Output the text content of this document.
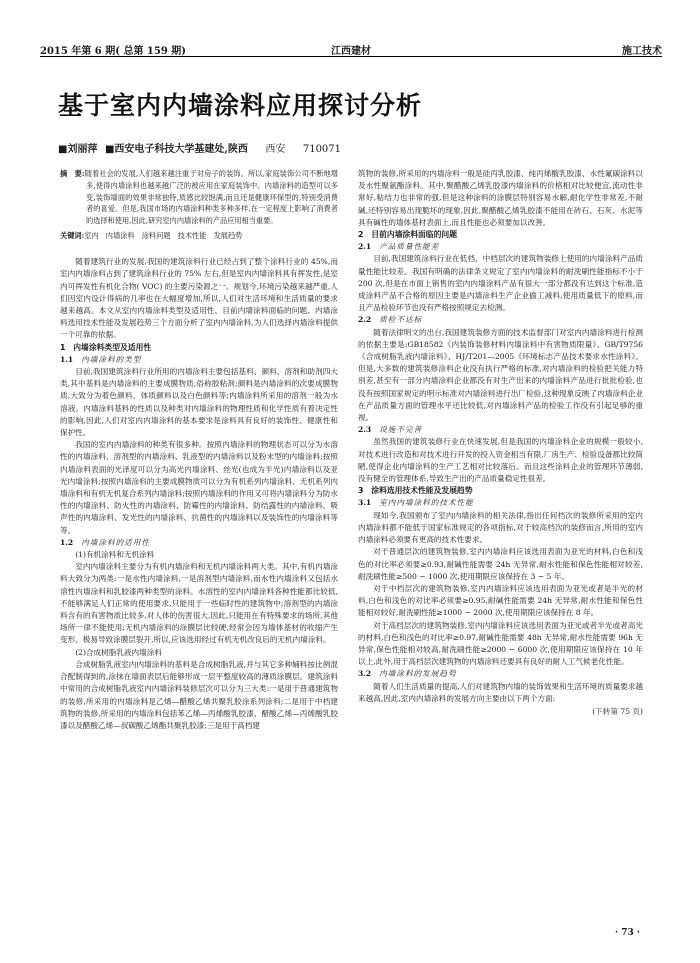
2015 年第 6 期( 总第 159 期)	江西建材	施工技术
基于室内内墙涂料应用探讨分析
■刘丽萍 ■西安电子科技大学基建处,陕西 西安 710071

摘　要:随着社会的发展,人们越来越注重于对房子的装饰。所以,家庭装饰公司不断地增多,使得内墙涂料也越来越广泛的被应用在家庭装饰中。内墙涂料的造型可以多变,装饰墙面的效果非常独特,质感比较饱满,而且还是健康环保型的,特别受消费者的喜爱。但是,我国市场的内墙涂料种类多种多样,在一定程度上影响了消费者的选择和使用,因此,研究室内内墙涂料的产品应用相当重要。

关键词:室内　内墙涂料　涂料问题　技术性能　发展趋势

随着建筑行业的发展,我国的建筑涂料行业已经占到了整个涂料行业的 45%,而室内内墙涂料占到了建筑涂料行业的 75% 左右,但是室内内墙涂料具有挥发性,是室内可挥发性有机化合物( VOC) 的主要污染源之一。规划今,环境污染越来越严重,人们因室内设计得病的几率也在大幅度增加,所以,人们对生活环境和生活质量的要求越来越高。本文从室内内墙涂料类型及适用性、目前内墙涂料面临的问题、内墙涂料选用技术性能及发展趋势三个方面分析了室内内墙涂料,为人们选择内墙涂料提供一个可靠的依据。

1　内墙涂料类型及适用性
1.1 内墙涂料的类型

目前,我国建筑涂料行业所用的内墙涂料主要包括基料、颜料、溶剂和助剂四大类,其中基料是内墙涂料的主要成膜物质,俗称胶粘剂;颜料是内墙涂料的次要成膜物质,大致分为着色颜料、体质颜料以及白色颜料等;内墙涂料所采用的溶剂一般为水溶液。内墙涂料基料的性质以及种类对内墙涂料的物理性质和化学性质有着决定性的影响,因此,人们对室内内墙涂料的基本要求是涂料具有良好的装饰性、健康性和保护性。

我国的室内内墙涂料的种类有很多种。按照内墙涂料的物理状态可以分为水溶性的内墙涂料、溶剂型的内墙涂料、乳液型的内墙涂料以及粉末型的内墙涂料;按照内墙涂料表面的光泽度可以分为高光内墙涂料、丝光(也成为半光)内墙涂料以及亚光内墙涂料;按照内墙涂料的主要成膜物质可以分为有机系列内墙涂料、无机系列内墙涂料和有机无机复合系列内墙涂料;按照内墙涂料的作用又可将内墙涂料分为防水性的内墙涂料、防火性的内墙涂料、防霉性的内墙涂料、防结露性的内墙涂料、吸声性的内墙涂料、发光性的内墙涂料、抗菌性的内墙涂料以及装饰性的内墙涂料等等。

1.2 内墙涂料的适用性
(1)有机涂料和无机涂料

室内内墙涂料主要分为有机内墙涂料和无机内墙涂料两大类。其中,有机内墙涂料大致分为两类:一是水性内墙涂料,一是溶剂型内墙涂料,而水性内墙涂料又包括水溶性内墙涂料和乳胶漆两种类型的涂料。水溶性的室内内墙涂料各种性能都比较低,不能够满足人们正常的使用要求,只能用于一些临时性的建筑物中;溶剂型的内墙涂料含有的有害物质比较多,对人体的伤害很大,因此,只能用在有特殊要求的场所,其他场所一律不能使用;无机内墙涂料的涂膜层比较硬,经常会因为墙体基材的收缩产生变形、极易导致涂膜层裂开,所以,应该选用经过有机无机改良后的无机内墙涂料。

(2)合成树脂乳液内墙涂料

合成树脂乳液室内内墙涂料的基料是合成树脂乳液,并与其它多种辅料按比例混合配制得到的,涂抹在墙面表层后能够形成一层平整度较高的薄质涂膜层。建筑涂料中常用的合成树脂乳液室内内墙涂料装修层次可以分为三大类:一是用于普通建筑物的装修,所采用的内墙涂料是乙烯—醋酸乙烯共聚乳胶涂系列涂料;二是用于中档建筑物的装修,所采用的内墙涂料包括苯乙烯—丙烯酸乳胶漆、醋酸乙烯—丙烯酸乳胶漆以及醋酸乙烯—叔碳酸乙烯酯共聚乳胶漆;三是用于高档建

筑物的装修,所采用的内墙涂料一般是硅丙乳胶漆、纯丙烯酸乳胶漆、水性氟碳涂料以及水性聚氨酯涂料。其中,聚醋酸乙烯乳胶漆内墙涂料的价格相对比较便宜,流动性非常好,粘结力也非常的强,但是这种涂料的涂膜层特别容易水解,耐化学性非常差,不耐碱,还特别容易出现脆坏的现象,因此,聚醋酸乙烯乳胶漆不能用在砖石、石灰、水泥等具有碱性的墙体基材表面上,而且性能也必须要加以改善。

2　目前内墙涂料面临的问题
2.1 产品质量性能差

目前,我国建筑涂料行业在低档、中档层次的建筑物装修上使用的内墙涂料产品质量性能比较差。我国有明确的法律条文规定了室内内墙涂料的耐洗刷性能指标不小于 200 次,但是在市面上销售的室内内墙涂料产品有很大一部分都没有达到这个标准,造成涂料产品不合格的原因主要是内墙涂料生产企业偷工减料,使用质量低下的原料,而且产品检验环节也没有严格按照规定去检测。

2.2 质检不达标

随着法律明文的出台,我国建筑装修方面的技术监督部门对室内内墙涂料进行检测的依据主要是:GB18582《内装饰装修材料内墙涂料中有害物质限量》、GB/T9756《合成树脂乳液内墙涂料》、HJ/T201—2005《环境标志产品技术要求水性涂料》。但是,大多数的建筑装修涂料企业没有执行严格的标准,对内墙涂料的检验把关能力特别差,甚至有一部分内墙涂料企业都没有对生产出来的内墙涂料产品进行批批检验,也没有按照国家规定的明示标准对内墙涂料进行出厂检验,这种现象反映了内墙涂料企业在产品质量方面的管理水平还比较低,对内墙涂料产品的检验工作没有引起足够的重视。

2.3 设施不完善

虽然我国的建筑装修行业在快速发展,但是我国的内墙涂料企业的规模一般较小,对技术进行改造和对技术进行开发的投入资金相当有限,厂房生产、检验设备都比较简陋,使得企业内墙涂料的生产工艺相对比较落后。而且这些涂料企业的管理环节薄弱,没有健全的管理体系,导致生产出的产品质量稳定性很差。

3　涂料选用技术性能及发展趋势
3.1 室内内墙涂料的技术性能

现如今,我国颁布了室内内墙涂料的相关法律,指出任何档次的装修所采用的室内内墙涂料都不能低于国家标准规定的各项指标,对于较高档次的装修而言,所用的室内内墙涂料必须要有更高的技术性要求。

对于普通层次的建筑物装修,室内内墙涂料应该选用表面为亚光的材料,白色和浅色的对比率必须要≥0.93,耐碱性能需要 24h 无异常,耐水性能和保色性能相对较差,耐洗刷性能≥500 ~ 1000 次,使用期限应该保持在 3 ~ 5 年。

对于中档层次的建筑物装修,室内内墙涂料应该选用表面为亚光或者是半光的材料,白色和浅色的对比率必须要≥0.95,耐碱性能需要 24h 无异常,耐水性能和保色性能相对较好,耐洗刷性能≥1000 ~ 2000 次,使用期限应该保持在 8 年。

对于高档层次的建筑物装修,室内内墙涂料应该选用表面为亚光或者半光或者高光的材料,白色和浅色的对比率≥0.97,耐碱性能需要 48h 无异常,耐水性能需要 96h 无异常,保色性能相对较高,耐洗刷性能≥2000 ~ 6000 次,使用期限应该保持在 10 年以上,此外,用于高档层次建筑物的内墙涂料还要具有良好的耐人工气候老化性能。

3.2 内墙涂料的发展趋势

随着人们生活质量的提高,人们对建筑物内墙的装饰效果和生活环境的质量要求越来越高,因此,室内内墙涂料的发展方向主要由以下两个方面:

(下转第 75 页)
· 73 ·
